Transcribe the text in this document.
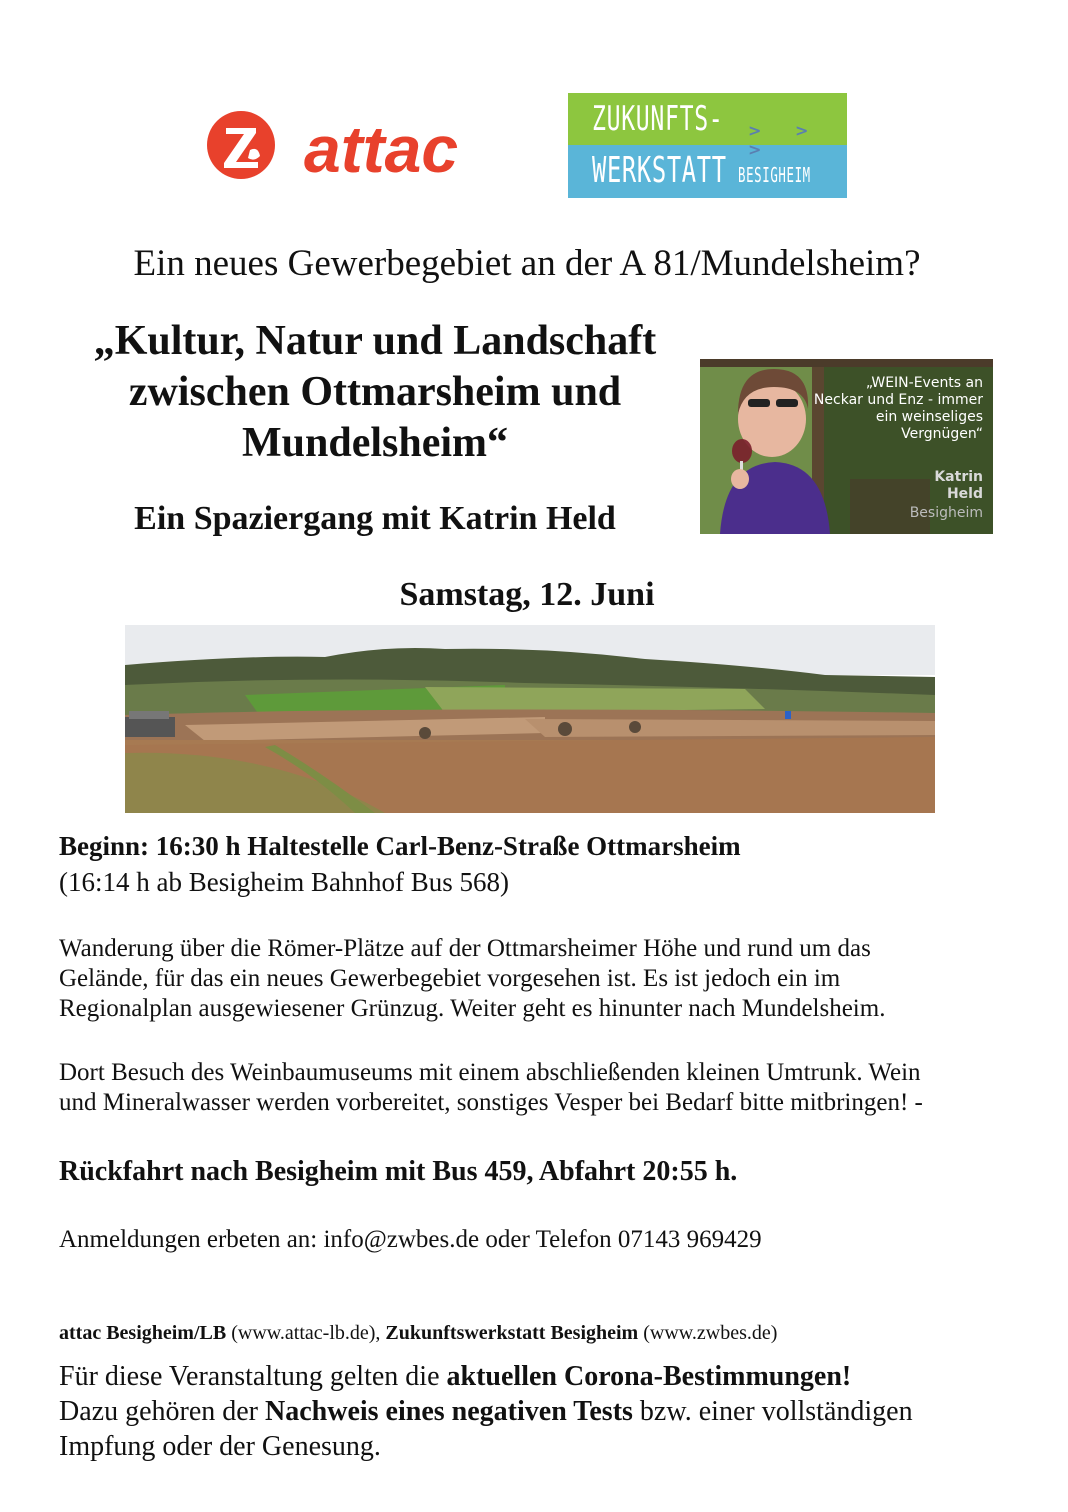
attac	ZUKUNFTS- > > >
WERKSTATT BESIGHEIM
Ein neues Gewerbegebiet an der A 81/Mundelsheim?
„Kultur, Natur und Landschaft
zwischen Ottmarsheim und
Mundelsheim“
Ein Spaziergang mit Katrin Held
„WEIN-Events an Neckar und Enz - immer ein weinseliges Vergnügen“
Katrin
Held
Besigheim
Samstag, 12. Juni
Beginn: 16:30 h Haltestelle Carl-Benz-Straße Ottmarsheim
(16:14 h ab Besigheim Bahnhof Bus 568)
Wanderung über die Römer-Plätze auf der Ottmarsheimer Höhe und rund um das
Gelände, für das ein neues Gewerbegebiet vorgesehen ist. Es ist jedoch ein im
Regionalplan ausgewiesener Grünzug. Weiter geht es hinunter nach Mundelsheim.
Dort Besuch des Weinbaumuseums mit einem abschließenden kleinen Umtrunk. Wein
und Mineralwasser werden vorbereitet, sonstiges Vesper bei Bedarf bitte mitbringen! -
Rückfahrt nach Besigheim mit Bus 459, Abfahrt 20:55 h.
Anmeldungen erbeten an: info@zwbes.de oder Telefon 07143 969429
attac Besigheim/LB (www.attac-lb.de), Zukunftswerkstatt Besigheim (www.zwbes.de)
Für diese Veranstaltung gelten die aktuellen Corona-Bestimmungen!
Dazu gehören der Nachweis eines negativen Tests bzw. einer vollständigen
Impfung oder der Genesung.
